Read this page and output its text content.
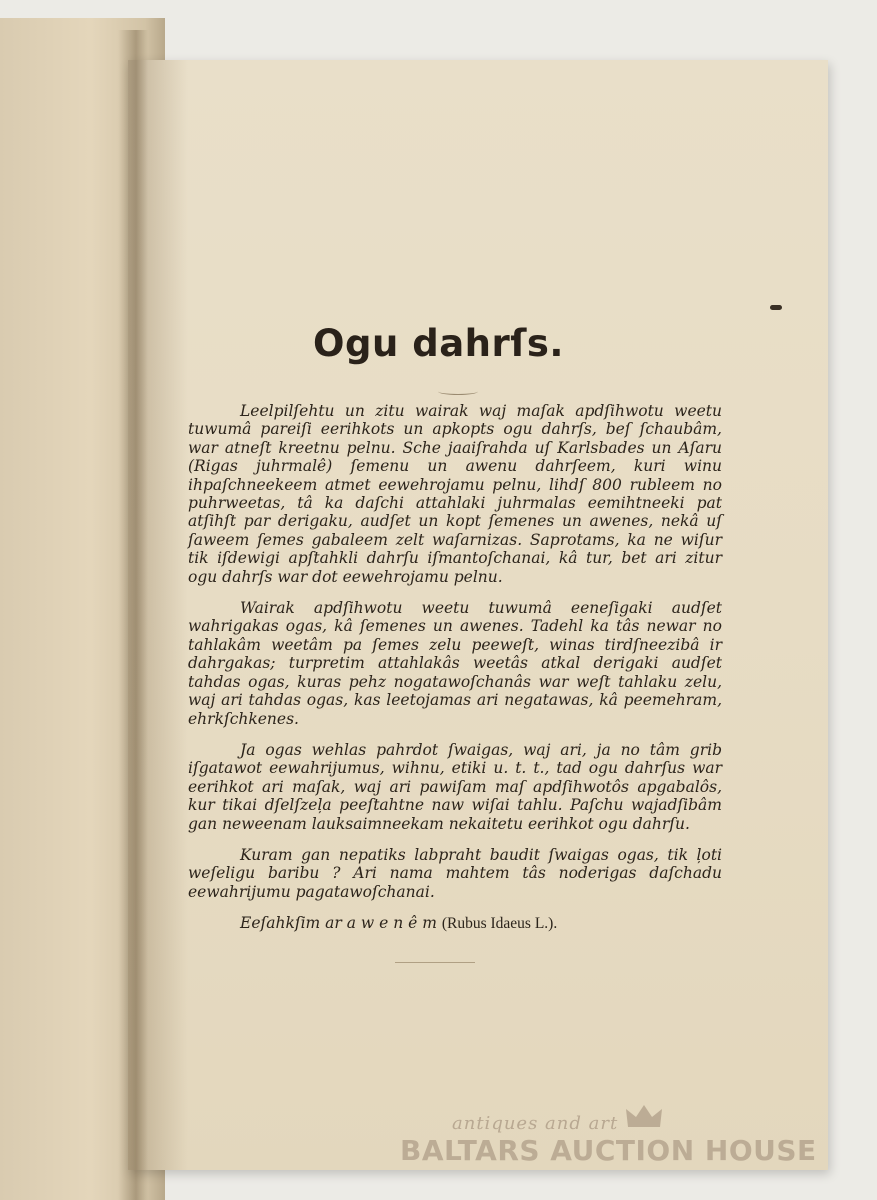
Ogu dahrſs.

Leelpilſehtu un zitu wairak waj maſak apdſihwotu weetu tuwumâ pareiſi eerihkots un apkopts ogu dahrſs, beſ ſchaubâm, war atneſt kreetnu pelnu. Sche jaaiſrahda uſ Karlsbades un Aſaru (Rigas juhrmalê) ſemenu un awenu dahrſeem, kuri winu ihpaſchneekeem atmet eewehrojamu pelnu, lihdſ 800 rubleem no puhrweetas, tâ ka daſchi attahlaki juhrmalas eemihtneeki pat atſihſt par derigaku, audſet un kopt ſemenes un awenes, nekâ uſ ſaweem ſemes gabaleem zelt waſarnizas. Saprotams, ka ne wiſur tik iſdewigi apſtahkli dahrſu iſmantoſchanai, kâ tur, bet ari zitur ogu dahrſs war dot eewehrojamu pelnu.

Wairak apdſihwotu weetu tuwumâ eeneſigaki audſet wahrigakas ogas, kâ ſemenes un awenes. Tadehl ka tâs newar no tahlakâm weetâm pa ſemes zelu peeweſt, winas tirdſneezibâ ir dahrgakas; turpretim attahlakâs weetâs atkal derigaki audſet tahdas ogas, kuras pehz nogatawoſchanâs war weſt tahlaku zelu, waj ari tahdas ogas, kas leetojamas ari negatawas, kâ peemehram, ehrkſchkenes.

Ja ogas wehlas pahrdot ſwaigas, waj ari, ja no tâm grib iſgatawot eewahrijumus, wihnu, etiki u. t. t., tad ogu dahrſus war eerihkot ari maſak, waj ari pawiſam maſ apdſihwotôs apgabalôs, kur tikai dſelſzeļa peeſtahtne naw wiſai tahlu. Paſchu wajadſibâm gan neweenam lauksaimneekam nekaitetu eerihkot ogu dahrſu.

Kuram gan nepatiks labpraht baudit ſwaigas ogas, tik ļoti weſeligu baribu ? Ari nama mahtem tâs noderigas daſchadu eewahrijumu pagatawoſchanai.

Eeſahkſim ar a w e n ê m (Rubus Idaeus L.).

antiques and art
BALTARS AUCTION HOUSE
